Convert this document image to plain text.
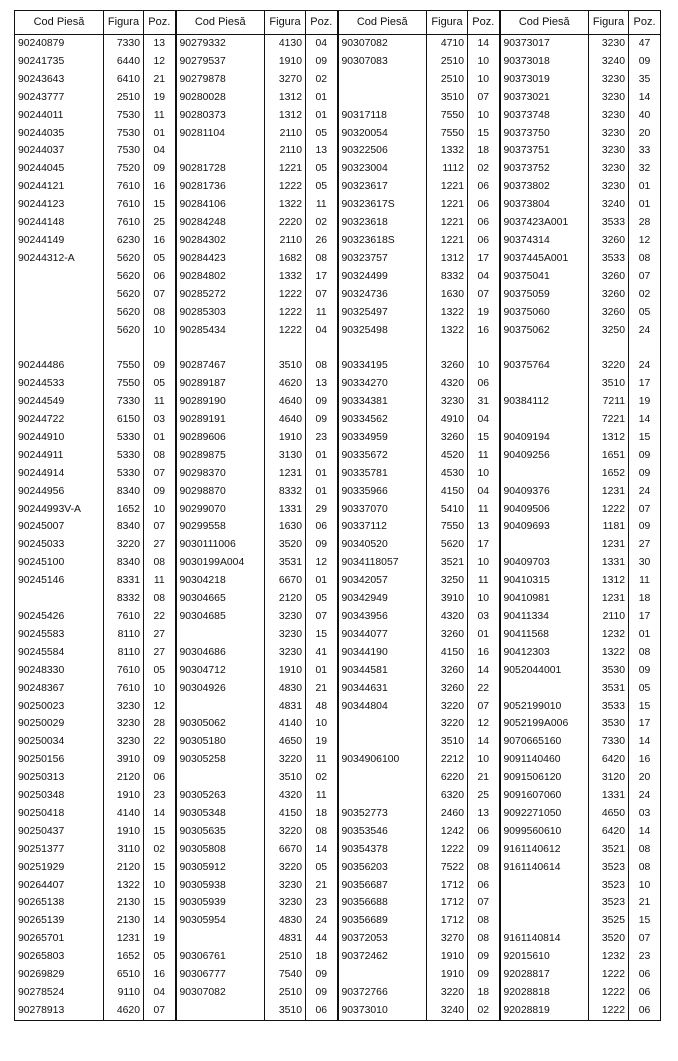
Cod Piesă	Figura	Poz.	Cod Piesă	Figura	Poz.	Cod Piesă	Figura	Poz.	Cod Piesă	Figura	Poz.
90240879	7330	13	90279332	4130	04	90307082	4710	14	90373017	3230	47
90241735	6440	12	90279537	1910	09	90307083	2510	10	90373018	3240	09
90243643	6410	21	90279878	3270	02		2510	10	90373019	3230	35
90243777	2510	19	90280028	1312	01		3510	07	90373021	3230	14
90244011	7530	11	90280373	1312	01	90317118	7550	10	90373748	3230	40
90244035	7530	01	90281104	2110	05	90320054	7550	15	90373750	3230	20
90244037	7530	04		2110	13	90322506	1332	18	90373751	3230	33
90244045	7520	09	90281728	1221	05	90323004	1112	02	90373752	3230	32
90244121	7610	16	90281736	1222	05	90323617	1221	06	90373802	3230	01
90244123	7610	15	90284106	1322	11	90323617S	1221	06	90373804	3240	01
90244148	7610	25	90284248	2220	02	90323618	1221	06	9037423A001	3533	28
90244149	6230	16	90284302	2110	26	90323618S	1221	06	90374314	3260	12
90244312-A	5620	05	90284423	1682	08	90323757	1312	17	9037445A001	3533	08
	5620	06	90284802	1332	17	90324499	8332	04	90375041	3260	07
	5620	07	90285272	1222	07	90324736	1630	07	90375059	3260	02
	5620	08	90285303	1222	11	90325497	1322	19	90375060	3260	05
	5620	10	90285434	1222	04	90325498	1322	16	90375062	3250	24

90244486	7550	09	90287467	3510	08	90334195	3260	10	90375764	3220	24
90244533	7550	05	90289187	4620	13	90334270	4320	06		3510	17
90244549	7330	11	90289190	4640	09	90334381	3230	31	90384112	7211	19
90244722	6150	03	90289191	4640	09	90334562	4910	04		7221	14
90244910	5330	01	90289606	1910	23	90334959	3260	15	90409194	1312	15
90244911	5330	08	90289875	3130	01	90335672	4520	11	90409256	1651	09
90244914	5330	07	90298370	1231	01	90335781	4530	10		1652	09
90244956	8340	09	90298870	8332	01	90335966	4150	04	90409376	1231	24
90244993V-A	1652	10	90299070	1331	29	90337070	5410	11	90409506	1222	07
90245007	8340	07	90299558	1630	06	90337112	7550	13	90409693	1181	09
90245033	3220	27	9030111006	3520	09	90340520	5620	17		1231	27
90245100	8340	08	9030199A004	3531	12	9034118057	3521	10	90409703	1331	30
90245146	8331	11	90304218	6670	01	90342057	3250	11	90410315	1312	11
	8332	08	90304665	2120	05	90342949	3910	10	90410981	1231	18
90245426	7610	22	90304685	3230	07	90343956	4320	03	90411334	2110	17
90245583	8110	27		3230	15	90344077	3260	01	90411568	1232	01
90245584	8110	27	90304686	3230	41	90344190	4150	16	90412303	1322	08
90248330	7610	05	90304712	1910	01	90344581	3260	14	9052044001	3530	09
90248367	7610	10	90304926	4830	21	90344631	3260	22		3531	05
90250023	3230	12		4831	48	90344804	3220	07	9052199010	3533	15
90250029	3230	28	90305062	4140	10		3220	12	9052199A006	3530	17
90250034	3230	22	90305180	4650	19		3510	14	9070665160	7330	14
90250156	3910	09	90305258	3220	11	9034906100	2212	10	9091140460	6420	16
90250313	2120	06		3510	02		6220	21	9091506120	3120	20
90250348	1910	23	90305263	4320	11		6320	25	9091607060	1331	24
90250418	4140	14	90305348	4150	18	90352773	2460	13	9092271050	4650	03
90250437	1910	15	90305635	3220	08	90353546	1242	06	9099560610	6420	14
90251377	3110	02	90305808	6670	14	90354378	1222	09	9161140612	3521	08
90251929	2120	15	90305912	3220	05	90356203	7522	08	9161140614	3523	08
90264407	1322	10	90305938	3230	21	90356687	1712	06		3523	10
90265138	2130	15	90305939	3230	23	90356688	1712	07		3523	21
90265139	2130	14	90305954	4830	24	90356689	1712	08		3525	15
90265701	1231	19		4831	44	90372053	3270	08	9161140814	3520	07
90265803	1652	05	90306761	2510	18	90372462	1910	09	92015610	1232	23
90269829	6510	16	90306777	7540	09		1910	09	92028817	1222	06
90278524	9110	04	90307082	2510	09	90372766	3220	18	92028818	1222	06
90278913	4620	07		3510	06	90373010	3240	02	92028819	1222	06
